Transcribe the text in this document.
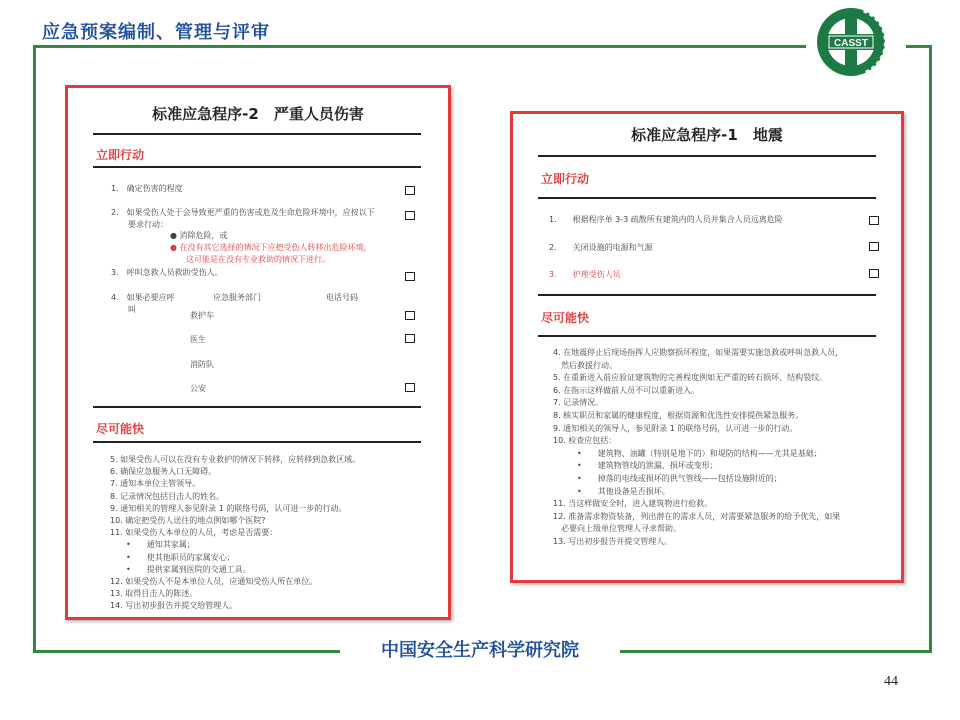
应急预案编制、管理与评审
中国安全生产科学研究院
44
CASST
标准应急程序-2　严重人员伤害
立即行动
1.　确定伤害的程度
2.　如果受伤人处于会导致更严重的伤害或危及生命危险环境中，应按以下
要求行动：
● 消除危险，或
● 在没有其它选择的情况下应把受伤人转移出危险环境，
这可能是在没有专业救助的情况下进行。
3.　呼叫急救人员救助受伤人。
4.　如果必要应呼
叫
应急服务部门	电话号码
救护车
医生
消防队
公安
尽可能快
5. 如果受伤人可以在没有专业救护的情况下转移，应转移到急救区域。
6. 确保应急服务入口无障碍。
7. 通知本单位主管领导。
8. 记录情况包括目击人的姓名。
9. 通知相关的管理人参见附录 1 的联络号码，认可进一步的行动。
10. 确定把受伤人送往的地点例如哪个医院?
11. 如果受伤人本单位的人员，考虑是否需要：
　　•　　通知其家属；
　　•　　使其他职员的家属安心；
　　•　　提供家属到医院的交通工具。
12. 如果受伤人不是本单位人员，应通知受伤人所在单位。
13. 取得目击人的陈述。
14. 写出初步报告并提交给管理人。
标准应急程序-1　地震
立即行动
1.　　根据程序单 3-3 疏散所有建筑内的人员并集合人员远离危险
2.　　关闭设施的电源和气源
3.　　护理受伤人员
尽可能快
4. 在地震停止后现场指挥人应勘察损坏程度，如果需要实施急救或呼叫急救人员，
　然后救援行动。
5. 在重新进入前应验证建筑物的完善程度例如无严重的砖石损坏、结构裂纹。
6. 在指示这样做前人员不可以重新进入。
7. 记录情况。
8. 核实职员和家属的健康程度，根据资源和优选性安排提供紧急服务。
9. 通知相关的领导人，参见附录 1 的联络号码，认可进一步的行动。
10. 检查应包括：
　　　•　　建筑物、油罐（特别是地下的）和堤防的结构——尤其是基础；
　　　•　　建筑物管线的泄漏、损坏或变形；
　　　•　　掉落的电线或损坏的供气管线——包括设施附近的；
　　　•　　其他设备是否损坏。
11. 当这样做安全时，进入建筑物进行抢救。
12. 准备需求物资装备，列出潜在的需求人员，对需要紧急服务的给予优先，如果
　必要向上级单位管理人寻求帮助。
13. 写出初步报告并提交管理人。
